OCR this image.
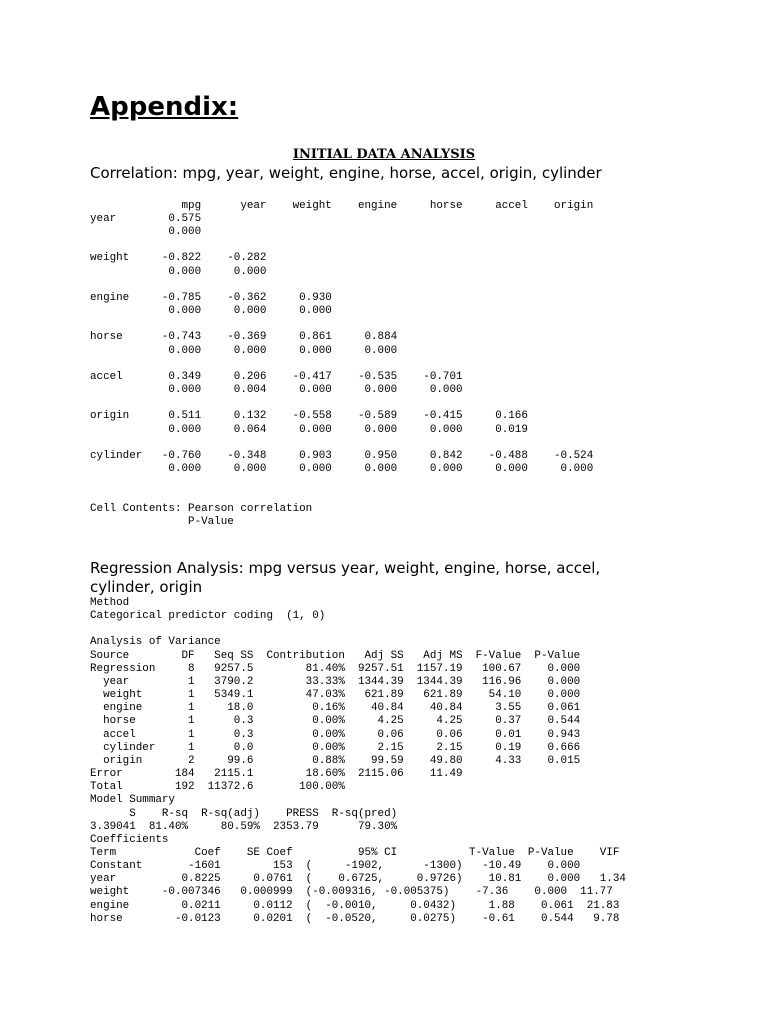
Appendix:
INITIAL DATA ANALYSIS
Correlation: mpg, year, weight, engine, horse, accel, origin, cylinder
mpg      year    weight    engine     horse     accel    origin
year        0.575
0.000

weight     -0.822    -0.282
0.000     0.000

engine     -0.785    -0.362     0.930
0.000     0.000     0.000

horse      -0.743    -0.369     0.861     0.884
0.000     0.000     0.000     0.000

accel       0.349     0.206    -0.417    -0.535    -0.701
0.000     0.004     0.000     0.000     0.000

origin      0.511     0.132    -0.558    -0.589    -0.415     0.166
0.000     0.064     0.000     0.000     0.000     0.019

cylinder   -0.760    -0.348     0.903     0.950     0.842    -0.488    -0.524
0.000     0.000     0.000     0.000     0.000     0.000     0.000
Cell Contents: Pearson correlation
P-Value
Regression Analysis: mpg versus year, weight, engine, horse, accel,
cylinder, origin
Method
Categorical predictor coding  (1, 0)

Analysis of Variance
Source        DF   Seq SS  Contribution   Adj SS   Adj MS  F-Value  P-Value
Regression     8   9257.5        81.40%  9257.51  1157.19   100.67    0.000
year         1   3790.2        33.33%  1344.39  1344.39   116.96    0.000
weight       1   5349.1        47.03%   621.89   621.89    54.10    0.000
engine       1     18.0         0.16%    40.84    40.84     3.55    0.061
horse        1      0.3         0.00%     4.25     4.25     0.37    0.544
accel        1      0.3         0.00%     0.06     0.06     0.01    0.943
cylinder     1      0.0         0.00%     2.15     2.15     0.19    0.666
origin       2     99.6         0.88%    99.59    49.80     4.33    0.015
Error        184   2115.1        18.60%  2115.06    11.49
Total        192  11372.6       100.00%
Model Summary
S    R-sq  R-sq(adj)    PRESS  R-sq(pred)
3.39041  81.40%     80.59%  2353.79      79.30%
Coefficients
Term            Coef    SE Coef          95% CI           T-Value  P-Value    VIF
Constant       -1601        153  (     -1902,      -1300)   -10.49    0.000
year          0.8225     0.0761  (    0.6725,     0.9726)    10.81    0.000   1.34
weight     -0.007346   0.000999  (-0.009316, -0.005375)    -7.36    0.000  11.77
engine        0.0211     0.0112  (  -0.0010,     0.0432)     1.88    0.061  21.83
horse        -0.0123     0.0201  (  -0.0520,     0.0275)    -0.61    0.544   9.78
